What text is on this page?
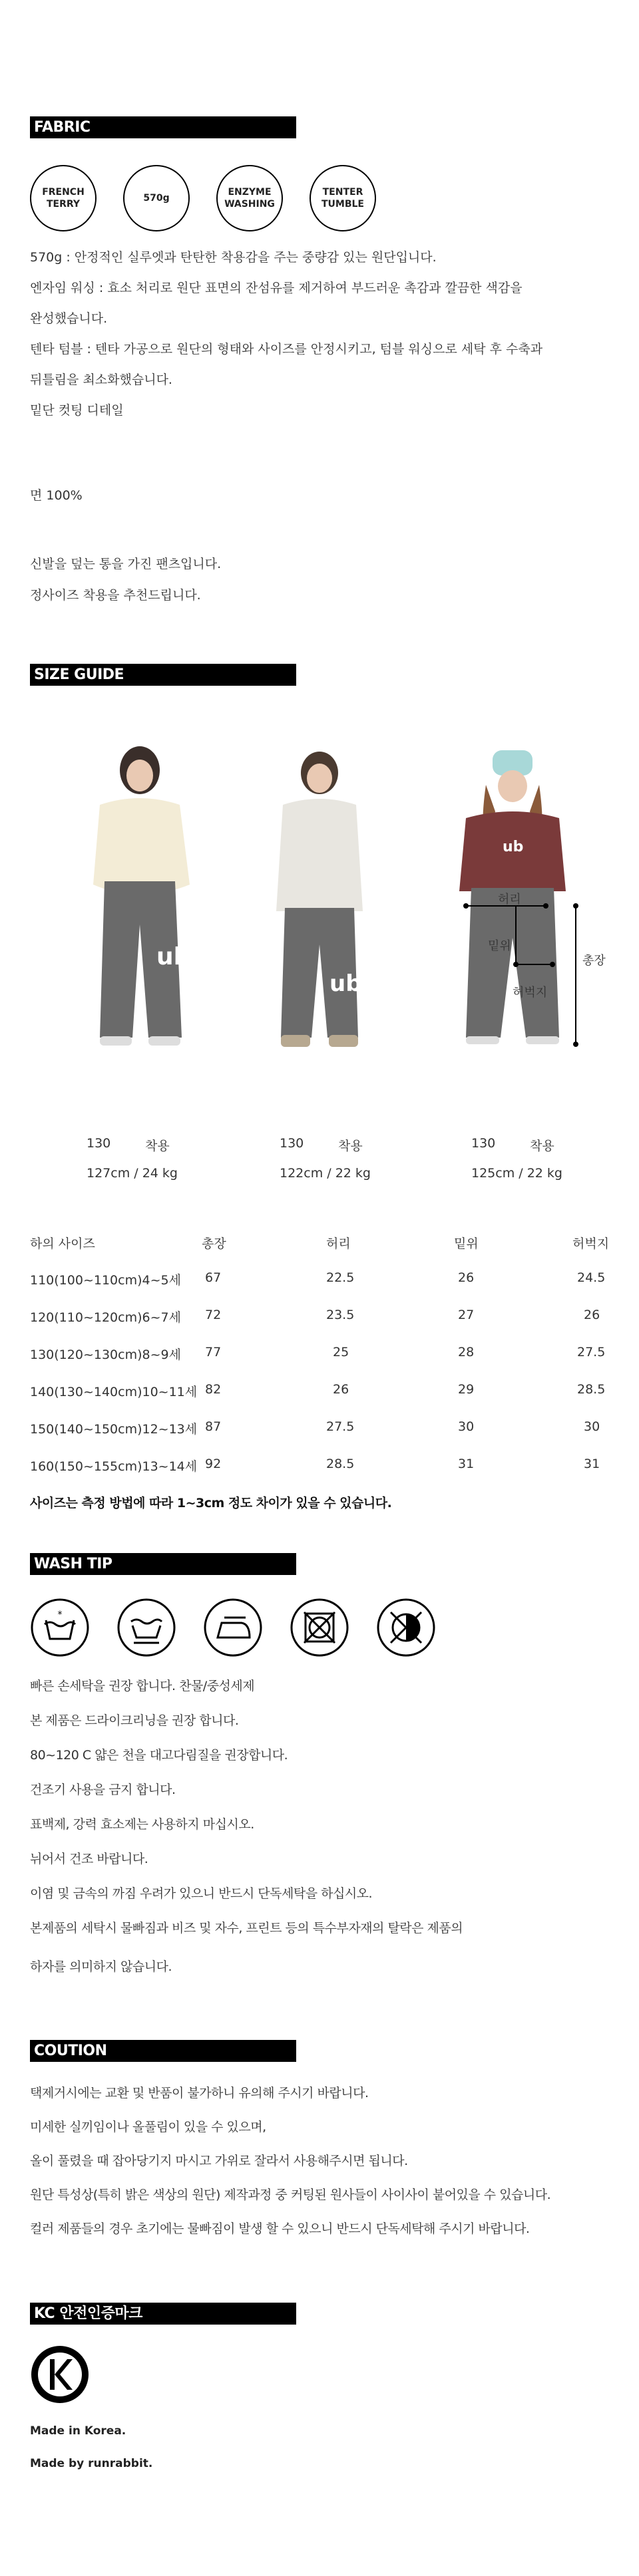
FABRIC
FRENCH
TERRY
570g
ENZYME
WASHING
TENTER
TUMBLE
570g : 안정적인 실루엣과 탄탄한 착용감을 주는 중량감 있는 원단입니다.
엔자임 워싱 : 효소 처리로 원단 표면의 잔섬유를 제거하여 부드러운 촉감과 깔끔한 색감을
완성했습니다.
텐타 텀블 : 텐타 가공으로 원단의 형태와 사이즈를 안정시키고, 텀블 워싱으로 세탁 후 수축과
뒤틀림을 최소화했습니다.
밑단 컷팅 디테일
면 100%
신발을 덮는 통을 가진 팬츠입니다.
정사이즈 착용을 추천드립니다.
SIZE GUIDE
ub
ub
ub
허리
밑위
허벅지
총장
130	착용
127cm / 24 kg
130	착용
122cm / 22 kg
130	착용
125cm / 22 kg
하의 사이즈	총장	허리	밑위	허벅지
110(100~110cm)4~5세 67	22.5	26	24.5
120(110~120cm)6~7세 72	23.5	27	26
130(120~130cm)8~9세 77	25	28	27.5
140(130~140cm)10~11세 82	26	29	28.5
150(140~150cm)12~13세 87	27.5	30	30
160(150~155cm)13~14세 92	28.5	31	31
사이즈는 측정 방법에 따라 1~3cm 정도 차이가 있을 수 있습니다.
WASH TIP
*
빠른 손세탁을 권장 합니다. 찬물/중성세제
본 제품은 드라이크리닝을 권장 합니다.
80~120 C 얇은 천을 대고다림질을 권장합니다.
건조기 사용을 금지 합니다.
표백제, 강력 효소제는 사용하지 마십시오.
뉘어서 건조 바랍니다.
이염 및 금속의 까짐 우려가 있으니 반드시 단독세탁을 하십시오.
본제품의 세탁시 물빠짐과 비즈 및 자수, 프린트 등의 특수부자재의 탈락은 제품의
하자를 의미하지 않습니다.
COUTION
택제거시에는 교환 및 반품이 불가하니 유의해 주시기 바랍니다.
미세한 실끼임이나 올풀림이 있을 수 있으며,
올이 풀렸을 때 잡아당기지 마시고 가위로 잘라서 사용해주시면 됩니다.
원단 특성상(특히 밝은 색상의 원단) 제작과정 중 커팅된 원사들이 사이사이 붙어있을 수 있습니다.
컬러 제품들의 경우 초기에는 물빠짐이 발생 할 수 있으니 반드시 단독세탁해 주시기 바랍니다.
KC 안전인증마크
Made in Korea.
Made by runrabbit.
